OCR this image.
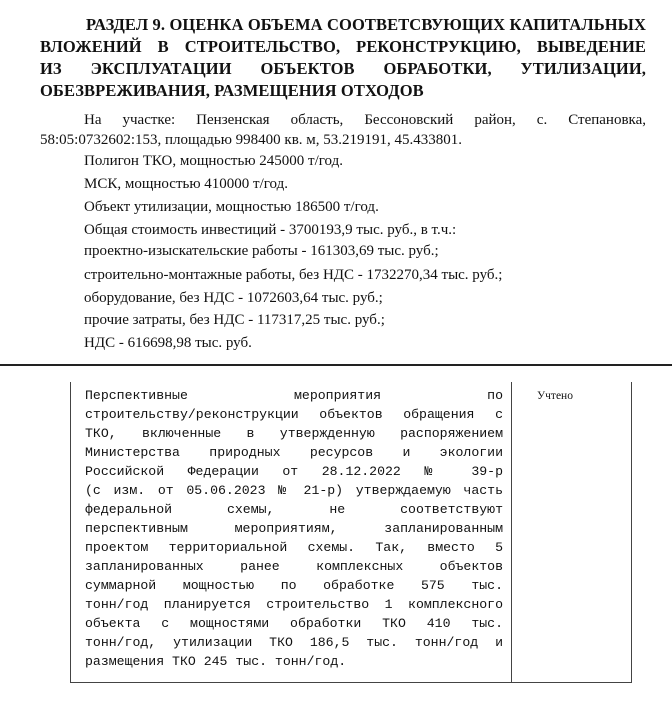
РАЗДЕЛ 9. ОЦЕНКА ОБЪЕМА СООТВЕТСВУЮЩИХ КАПИТАЛЬНЫХ
ВЛОЖЕНИЙ В СТРОИТЕЛЬСТВО, РЕКОНСТРУКЦИЮ, ВЫВЕДЕНИЕ
ИЗ ЭКСПЛУАТАЦИИ ОБЪЕКТОВ ОБРАБОТКИ, УТИЛИЗАЦИИ,
ОБЕЗВРЕЖИВАНИЯ, РАЗМЕЩЕНИЯ ОТХОДОВ
На участке: Пензенская область, Бессоновский район, с. Степановка,
58:05:0732602:153, площадью 998400 кв. м, 53.219191, 45.433801.
Полигон ТКО, мощностью 245000 т/год.
МСК, мощностью 410000 т/год.
Объект утилизации, мощностью 186500 т/год.
Общая стоимость инвестиций - 3700193,9 тыс. руб., в т.ч.:
проектно-изыскательские работы - 161303,69 тыс. руб.;
строительно-монтажные работы, без НДС - 1732270,34 тыс. руб.;
оборудование, без НДС - 1072603,64 тыс. руб.;
прочие затраты, без НДС - 117317,25 тыс. руб.;
НДС - 616698,98 тыс. руб.
Перспективные мероприятия по
строительству/реконструкции объектов обращения с
ТКО, включенные в утвержденную распоряжением
Министерства природных ресурсов и экологии
Российской Федерации от 28.12.2022 № 39-р
(с изм. от 05.06.2023 № 21-р) утверждаемую часть
федеральной схемы, не соответствуют
перспективным мероприятиям, запланированным
проектом территориальной схемы. Так, вместо 5
запланированных ранее комплексных объектов
суммарной мощностью по обработке 575 тыс.
тонн/год планируется строительство 1 комплексного
объекта с мощностями обработки ТКО 410 тыс.
тонн/год, утилизации ТКО 186,5 тыс. тонн/год и
размещения ТКО 245 тыс. тонн/год.
Учтено
